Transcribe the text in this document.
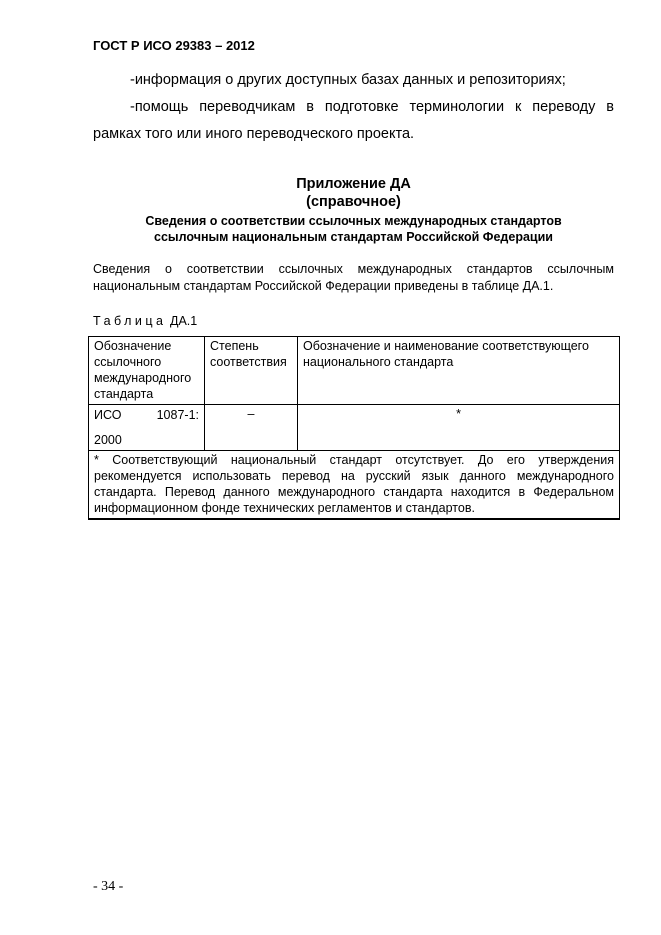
ГОСТ Р ИСО 29383 – 2012
-информация о других доступных базах данных и репозиториях;
-помощь переводчикам в подготовке терминологии к переводу в рамках того или иного переводческого проекта.
Приложение ДА
(справочное)
Сведения о соответствии ссылочных международных стандартов
ссылочным национальным стандартам Российской Федерации
Сведения о соответствии ссылочных международных стандартов ссылочным национальным стандартам Российской Федерации приведены в таблице ДА.1.
Таблица ДА.1
Обозначение ссылочного международного стандарта	Степень соответствия	Обозначение и наименование соответствующего национального стандарта

ИСО 1087-1:
2000	–	*
* Соответствующий национальный стандарт отсутствует. До его утверждения рекомендуется использовать перевод на русский язык данного международного стандарта. Перевод данного международного стандарта находится в Федеральном информационном фонде технических регламентов и стандартов.		
- 34 -
